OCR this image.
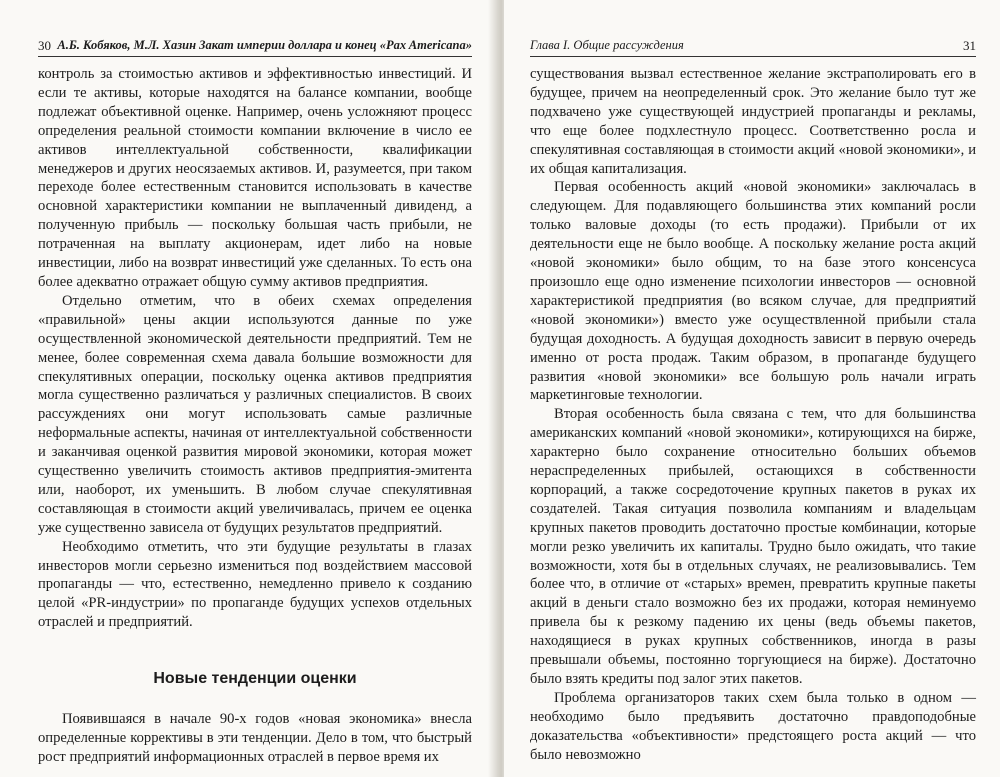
30 А.Б. Кобяков, М.Л. Хазин Закат империи доллара и конец «Pax Americana»

контроль за стоимостью активов и эффективностью инвестиций. И если те активы, которые находятся на балансе компании, вообще подлежат объективной оценке. Например, очень усложняют процесс определения реальной стоимости компании включение в число ее активов интеллектуальной собственности, квалификации менеджеров и других неосязаемых активов. И, разумеется, при таком переходе более естественным становится использовать в качестве основной характеристики компании не выплаченный дивиденд, а полученную прибыль — поскольку большая часть прибыли, не потраченная на выплату акционерам, идет либо на новые инвестиции, либо на возврат инвестиций уже сделанных. То есть она более адекватно отражает общую сумму активов предприятия.

Отдельно отметим, что в обеих схемах определения «правильной» цены акции используются данные по уже осуществленной экономической деятельности предприятий. Тем не менее, более современная схема давала большие возможности для спекулятивных операции, поскольку оценка активов предприятия могла существенно различаться у различных специалистов. В своих рассуждениях они могут использовать самые различные неформальные аспекты, начиная от интеллектуальной собственности и заканчивая оценкой развития мировой экономики, которая может существенно увеличить стоимость активов предприятия-эмитента или, наоборот, их уменьшить. В любом случае спекулятивная составляющая в стоимости акций увеличивалась, причем ее оценка уже существенно зависела от будущих результатов предприятий.

Необходимо отметить, что эти будущие результаты в глазах инвесторов могли серьезно измениться под воздействием массовой пропаганды — что, естественно, немедленно привело к созданию целой «PR-индустрии» по пропаганде будущих успехов отдельных отраслей и предприятий.

Новые тенденции оценки

Появившаяся в начале 90-х годов «новая экономика» внесла определенные коррективы в эти тенденции. Дело в том, что быстрый рост предприятий информационных отраслей в первое время их

Глава I. Общие рассуждения	31

существования вызвал естественное желание экстраполировать его в будущее, причем на неопределенный срок. Это желание было тут же подхвачено уже существующей индустрией пропаганды и рекламы, что еще более подхлестнуло процесс. Соответственно росла и спекулятивная составляющая в стоимости акций «новой экономики», и их общая капитализация.

Первая особенность акций «новой экономики» заключалась в следующем. Для подавляющего большинства этих компаний росли только валовые доходы (то есть продажи). Прибыли от их деятельности еще не было вообще. А поскольку желание роста акций «новой экономики» было общим, то на базе этого консенсуса произошло еще одно изменение психологии инвесторов — основной характеристикой предприятия (во всяком случае, для предприятий «новой экономики») вместо уже осуществленной прибыли стала будущая доходность. А будущая доходность зависит в первую очередь именно от роста продаж. Таким образом, в пропаганде будущего развития «новой экономики» все большую роль начали играть маркетинговые технологии.

Вторая особенность была связана с тем, что для большинства американских компаний «новой экономики», котирующихся на бирже, характерно было сохранение относительно больших объемов нераспределенных прибылей, остающихся в собственности корпораций, а также сосредоточение крупных пакетов в руках их создателей. Такая ситуация позволила компаниям и владельцам крупных пакетов проводить достаточно простые комбинации, которые могли резко увеличить их капиталы. Трудно было ожидать, что такие возможности, хотя бы в отдельных случаях, не реализовывались. Тем более что, в отличие от «старых» времен, превратить крупные пакеты акций в деньги стало возможно без их продажи, которая неминуемо привела бы к резкому падению их цены (ведь объемы пакетов, находящиеся в руках крупных собственников, иногда в разы превышали объемы, постоянно торгующиеся на бирже). Достаточно было взять кредиты под залог этих пакетов.

Проблема организаторов таких схем была только в одном — необходимо было предъявить достаточно правдоподобные доказательства «объективности» предстоящего роста акций — что было невозможно
